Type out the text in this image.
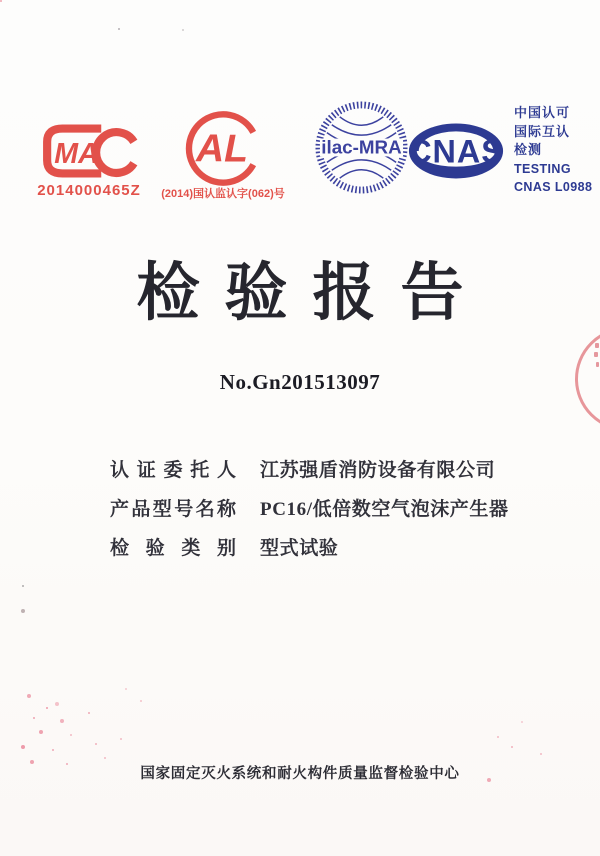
MA
2014000465Z
AL
(2014)国认监认字(062)号
ilac-MRA CNAS
中国认可
国际互认
检测
TESTING
CNAS L0988
检验报告
No.Gn201513097
认证委托人 江苏强盾消防设备有限公司
产品型号名称 PC16/低倍数空气泡沫产生器
检验类别 型式试验
国家固定灭火系统和耐火构件质量监督检验中心
